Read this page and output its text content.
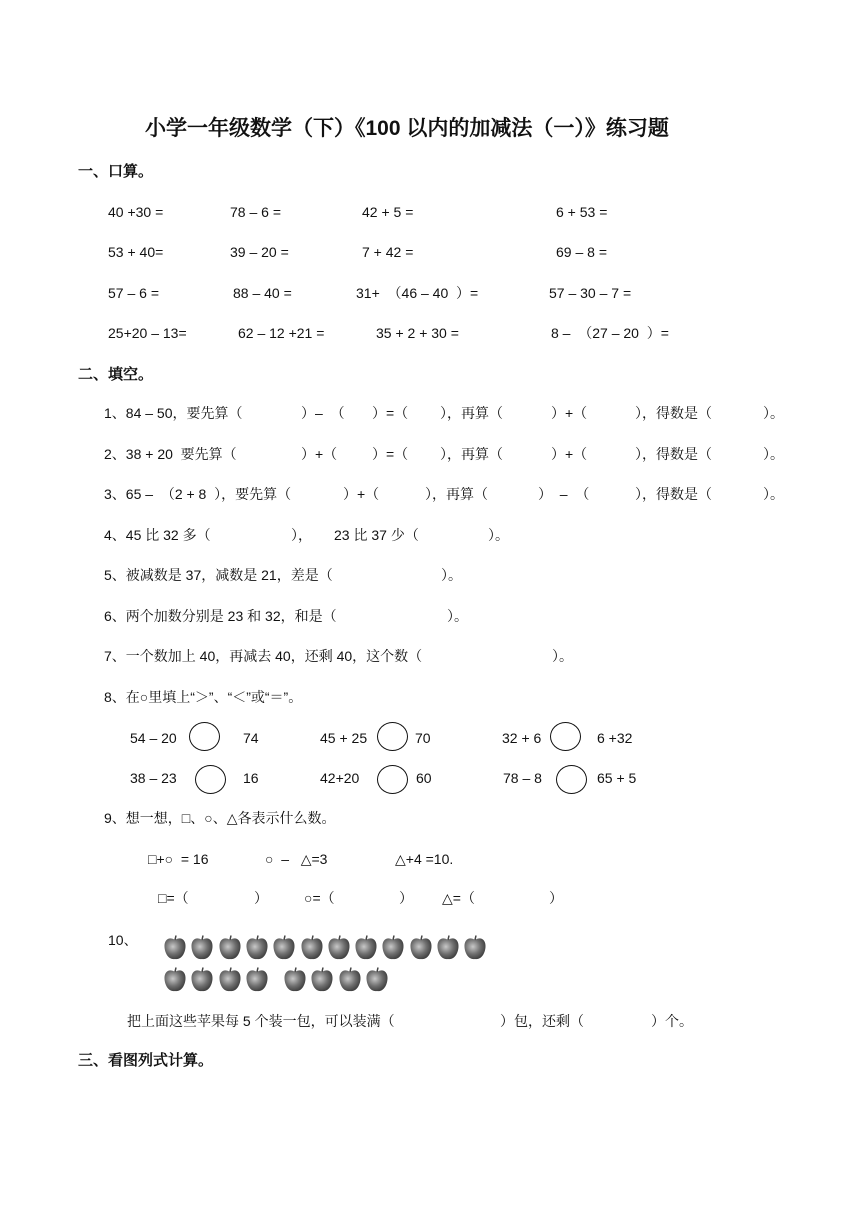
小学一年级数学（下）《100 以内的加减法（一）》练习题
一、口算。
40 +30 =	78 – 6 =	42 + 5 =	6 + 53 =
53 + 40=	39 – 20 =	7 + 42 =	69 – 8 =
57 – 6 =	88 – 40 =	31+  （46 – 40  ）=	57 – 30 – 7 =
25+20 – 13=	62 – 12 +21 =	35 + 2 + 30 =	8 –  （27 – 20  ）=
二、填空。
1、84 – 50，要先算（	）–  （ ）=（ ），再算（	）+（	），得数是（	）。
2、38 + 20  要先算（	）+（ ）=（ ），再算（	）+（	），得数是（	）。
3、65 –  （2 + 8  ），要先算（	）+（	），再算（	）  –  （	），得数是（	）。
4、45 比 32 多（	）， 23 比 37 少（	）。
5、被减数是 37，减数是 21，差是（	）。
6、两个加数分别是 23 和 32，和是（	）。
7、一个数加上 40，再减去 40，还剩 40，这个数（	）。
8、在○里填上“＞”、“＜”或“＝”。
54 – 20	74	45 + 25	70	32 + 6	6 +32
38 – 23	16	42+20	60	78 – 8	65 + 5
9、想一想，□、○、△各表示什么数。
□+○  = 16	○  –   △=3	△+4 =10.
□=（	）	○=（	） △=（	）
10、
把上面这些苹果每 5 个装一包，可以装满（	）包，还剩（	）个。
三、看图列式计算。
